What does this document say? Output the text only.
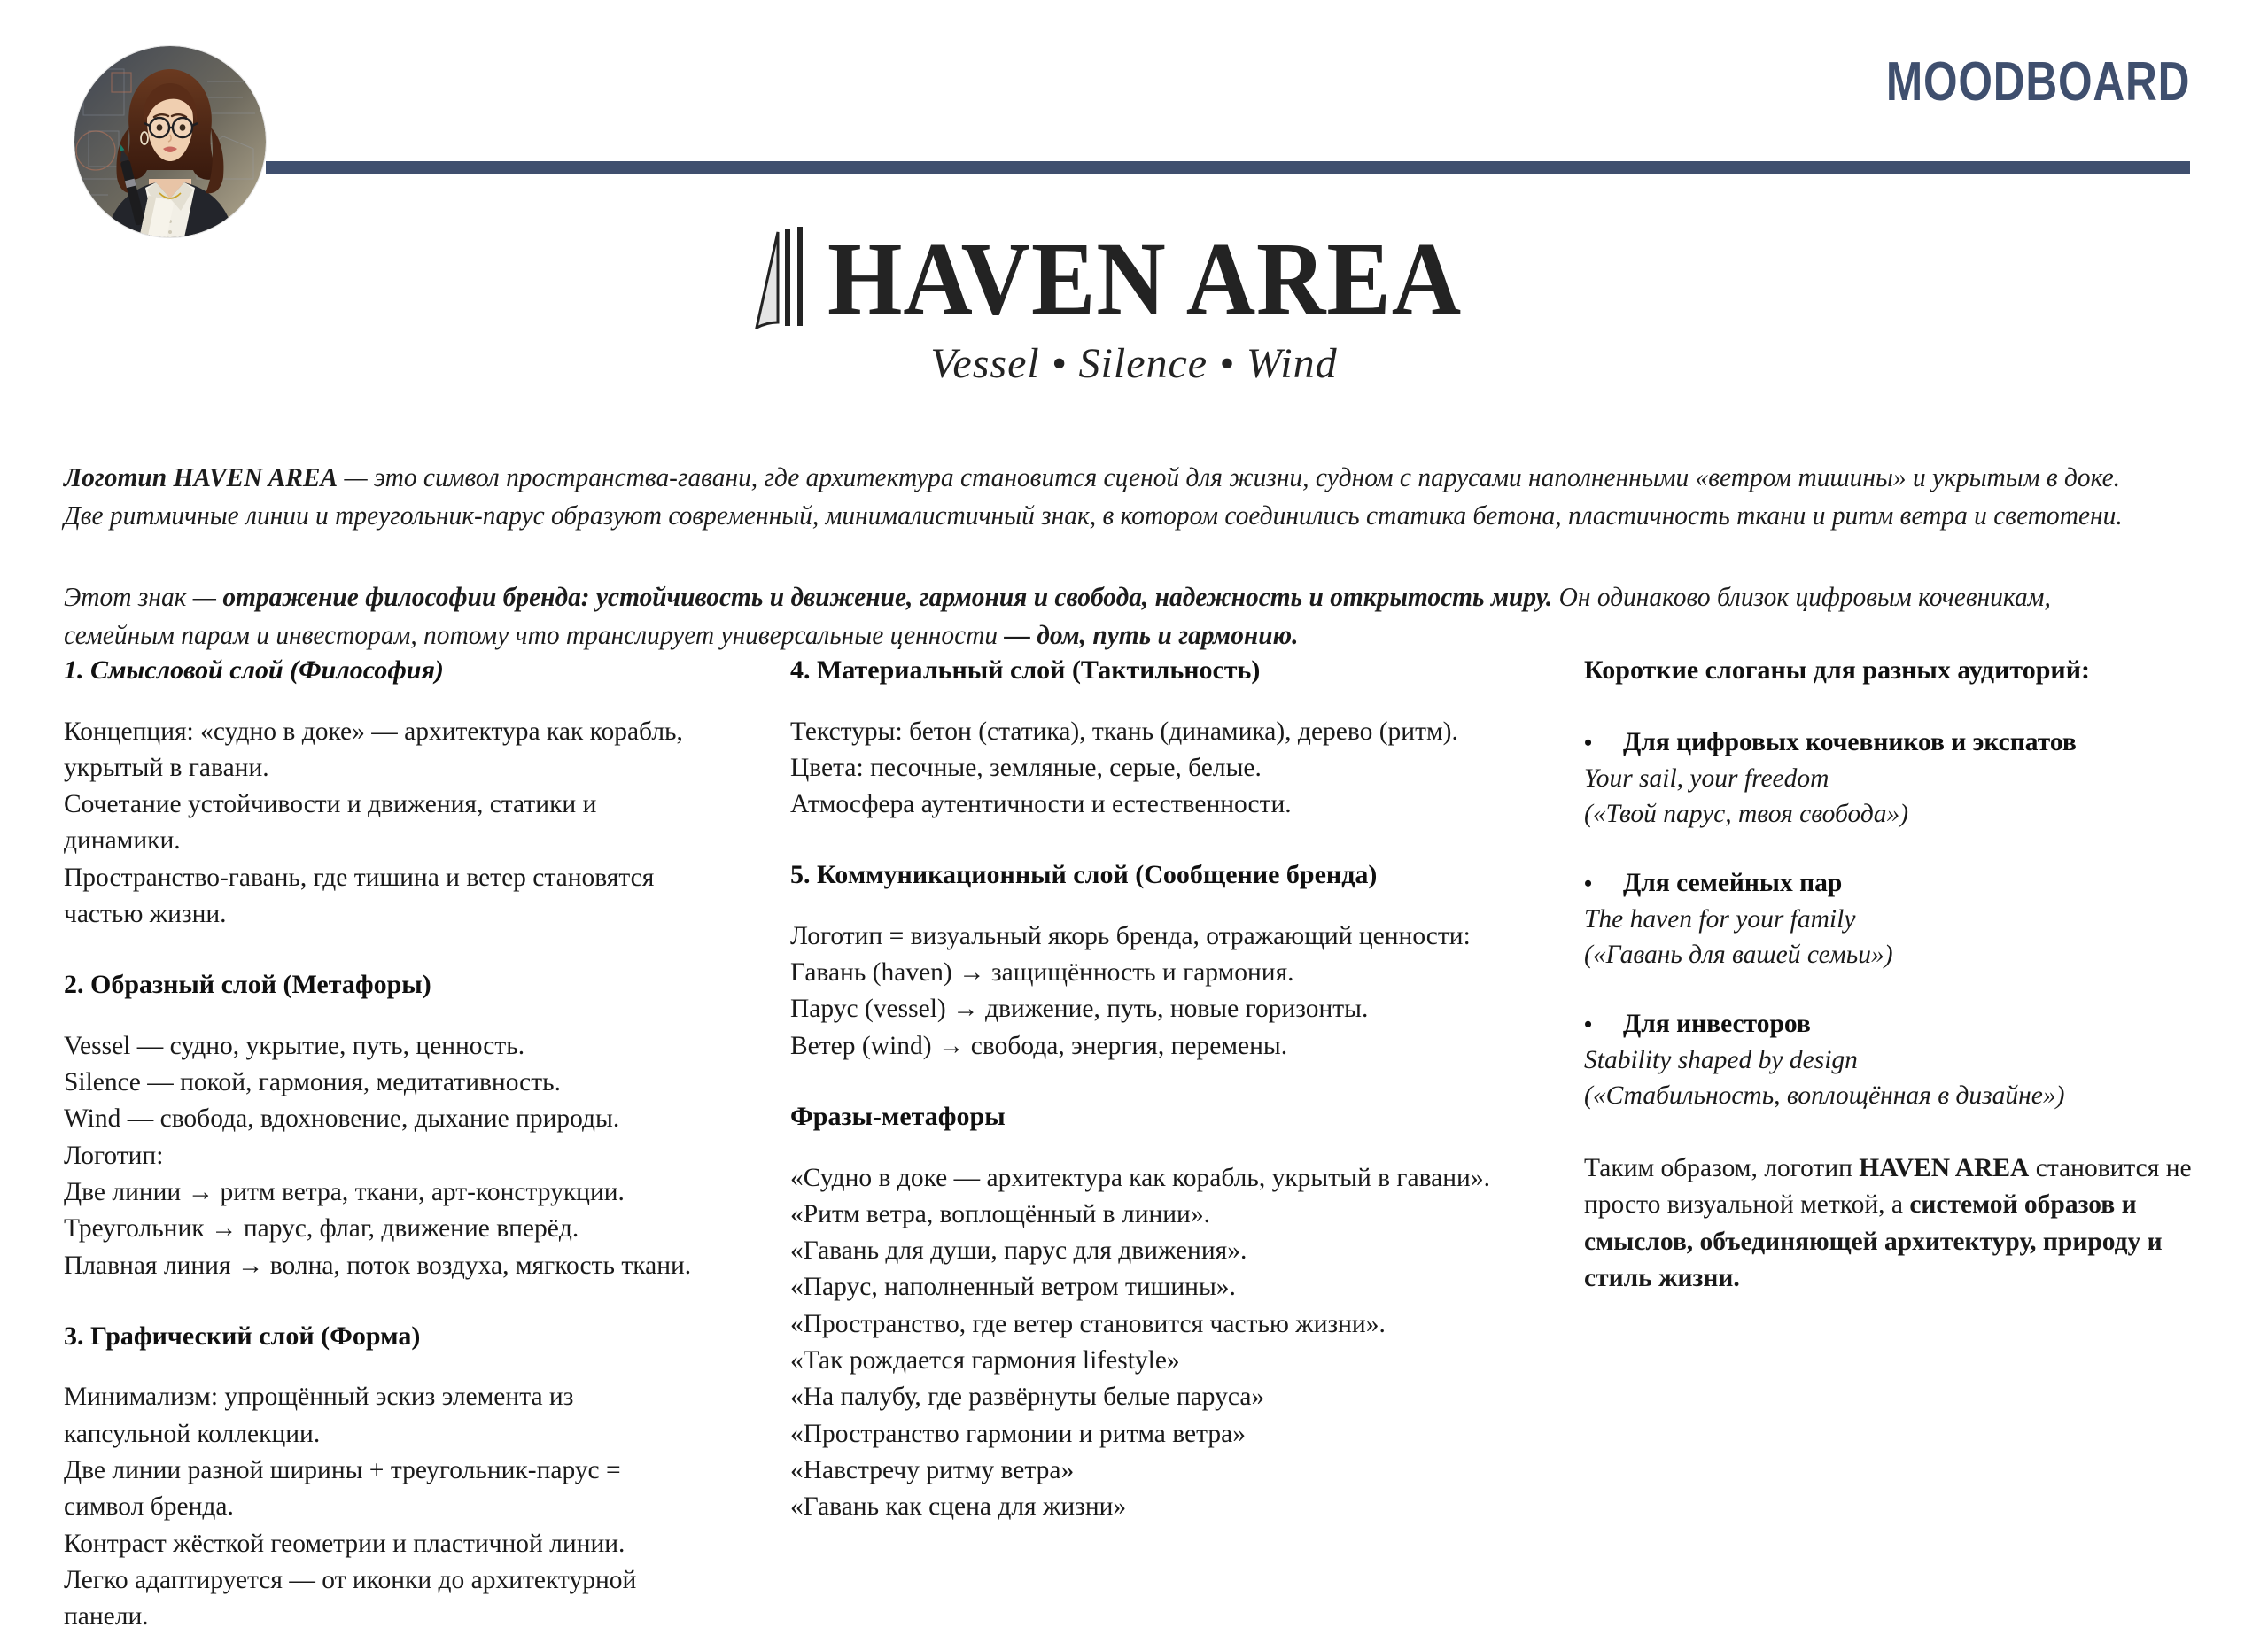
MOODBOARD
HAVEN AREA
Vessel • Silence • Wind

Логотип HAVEN AREA — это символ пространства-гавани, где архитектура становится сценой для жизни, судном с парусами наполненными «ветром тишины» и укрытым в доке. Две ритмичные линии и треугольник-парус образуют современный, минималистичный знак, в котором соединились статика бетона, пластичность ткани и ритм ветра и светотени.

Этот знак — отражение философии бренда: устойчивость и движение, гармония и свобода, надежность и открытость миру. Он одинаково близок цифровым кочевникам, семейным парам и инвесторам, потому что транслирует универсальные ценности — дом, путь и гармонию.

1. Смысловой слой (Философия)
Концепция: «судно в доке» — архитектура как корабль,
укрытый в гавани.
Сочетание устойчивости и движения, статики и
динамики.
Пространство-гавань, где тишина и ветер становятся
частью жизни.
2. Образный слой (Метафоры)
Vessel — судно, укрытие, путь, ценность.
Silence — покой, гармония, медитативность.
Wind — свобода, вдохновение, дыхание природы.
Логотип:
Две линии → ритм ветра, ткани, арт-конструкции.
Треугольник → парус, флаг, движение вперёд.
Плавная линия → волна, поток воздуха, мягкость ткани.
3. Графический слой (Форма)
Минимализм: упрощённый эскиз элемента из
капсульной коллекции.
Две линии разной ширины + треугольник-парус =
символ бренда.
Контраст жёсткой геометрии и пластичной линии.
Легко адаптируется — от иконки до архитектурной
панели.
4. Материальный слой (Тактильность)
Текстуры: бетон (статика), ткань (динамика), дерево (ритм).
Цвета: песочные, земляные, серые, белые.
Атмосфера аутентичности и естественности.
5. Коммуникационный слой (Сообщение бренда)
Логотип = визуальный якорь бренда, отражающий ценности:
Гавань (haven) → защищённость и гармония.
Парус (vessel) → движение, путь, новые горизонты.
Ветер (wind) → свобода, энергия, перемены.
Фразы-метафоры
«Судно в доке — архитектура как корабль, укрытый в гавани».
«Ритм ветра, воплощённый в линии».
«Гавань для души, парус для движения».
«Парус, наполненный ветром тишины».
«Пространство, где ветер становится частью жизни».
«Так рождается гармония lifestyle»
«На палубу, где развёрнуты белые паруса»
«Пространство гармонии и ритма ветра»
«Навстречу ритму ветра»
«Гавань как сцена для жизни»
Короткие слоганы для разных аудиторий:
•	Для цифровых кочевников и экспатов
Your sail, your freedom
(«Твой парус, твоя свобода»)
•	Для семейных пар
The haven for your family
(«Гавань для вашей семьи»)
•	Для инвесторов
Stability shaped by design
(«Стабильность, воплощённая в дизайне»)

Таким образом, логотип HAVEN AREA становится не просто визуальной меткой, а системой образов и смыслов, объединяющей архитектуру, природу и стиль жизни.
